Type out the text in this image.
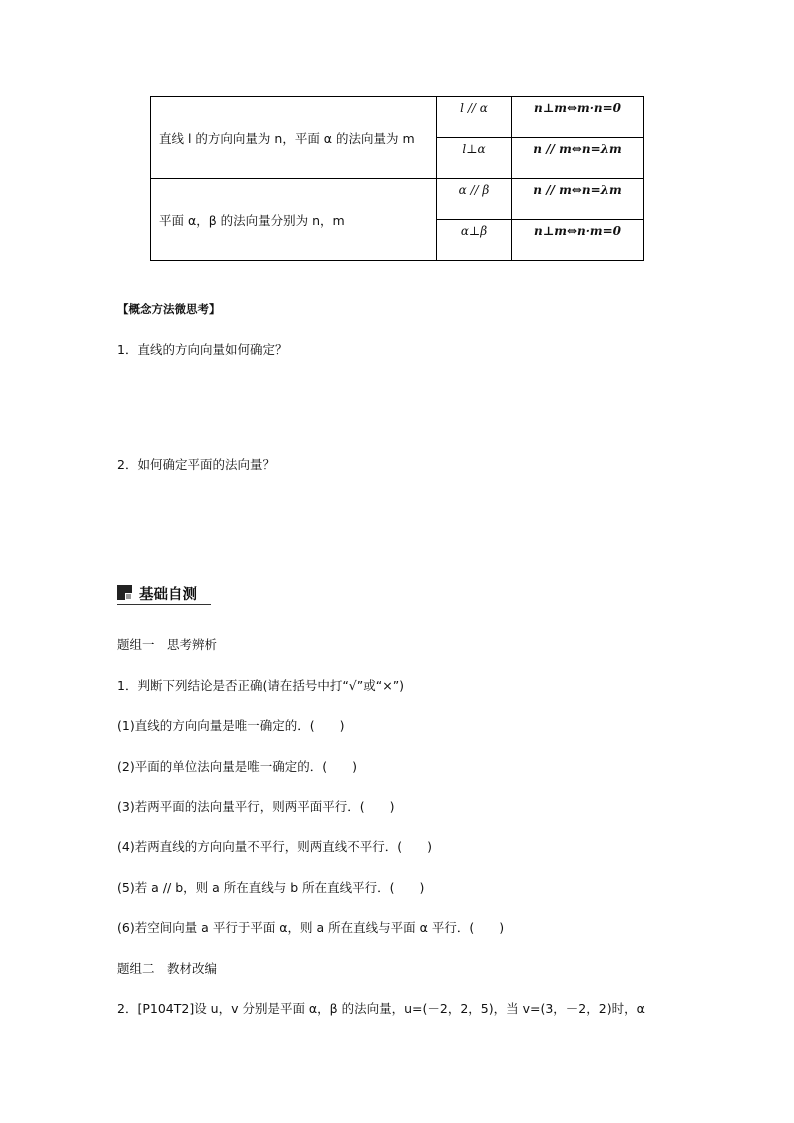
直线 l 的方向向量为 n，平面 α 的法向量为 m	l // α	n⊥m⇔m·n=0
	l⊥α	n // m⇔n=λm
平面 α，β 的法向量分别为 n，m	α // β	n // m⇔n=λm
	α⊥β	n⊥m⇔n·m=0
【概念方法微思考】
1．直线的方向向量如何确定？
2．如何确定平面的法向量？
基础自测
题组一　思考辨析
1．判断下列结论是否正确(请在括号中打“√”或“×”)
(1)直线的方向向量是唯一确定的．(　　)
(2)平面的单位法向量是唯一确定的．(　　)
(3)若两平面的法向量平行，则两平面平行．(　　)
(4)若两直线的方向向量不平行，则两直线不平行．(　　)
(5)若 a // b，则 a 所在直线与 b 所在直线平行．(　　)
(6)若空间向量 a 平行于平面 α，则 a 所在直线与平面 α 平行．(　　)
题组二　教材改编
2．[P104T2]设 u，v 分别是平面 α，β 的法向量，u=(－2，2，5)，当 v=(3，－2，2)时，α
